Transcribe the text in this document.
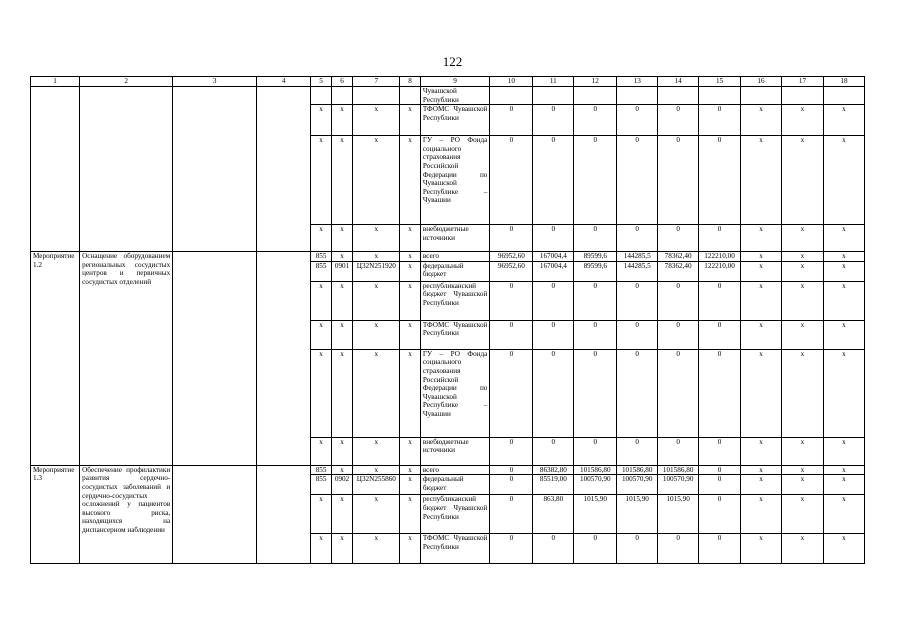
122
1	2	3	4	5	6	7	8	9	10	11	12	13	14	15	16	17	18
								Чувашской Республики									
				x	x	x	x	ТФОМС Чувашской Республики	0	0	0	0	0	0	x	x	x
				x	x	x	x	ГУ – РО Фонда социального страхования Российской Федерации по Чувашской Республике – Чувашии	0	0	0	0	0	0	x	x	x
				x	x	x	x	внебюджетные источники	0	0	0	0	0	0	x	x	x
Мероприятие 1.2	Оснащение оборудованием региональных сосудистых центров и первичных сосудистых отделений			855	x	x	x	всего	96952,60	167004,4	89599,6	144285,5	78362,40	122210,00	x	x	x
				855	0901	Ц32N251920	x	федеральный бюджет	96952,60	167004,4	89599,6	144285,5	78362,40	122210,00	x	x	x
				x	x	x	x	республиканский бюджет Чувашской Республики	0	0	0	0	0	0	x	x	x
				x	x	x	x	ТФОМС Чувашской Республики	0	0	0	0	0	0	x	x	x
				x	x	x	x	ГУ – РО Фонда социального страхования Российской Федерации по Чувашской Республике – Чувашии	0	0	0	0	0	0	x	x	x
				x	x	x	x	внебюджетные источники	0	0	0	0	0	0	x	x	x
Мероприятие 1.3	Обеспечение профилактики развития сердечно-сосудистых заболеваний и сердечно-сосудистых осложнений у пациентов высокого риска, находящихся на диспансерном наблюдении			855	x	x	x	всего	0	86382,80	101586,80	101586,80	101586,80	0	x	x	x
				855	0902	Ц32N255860	x	федеральный бюджет	0	85519,00	100570,90	100570,90	100570,90	0	x	x	x
				x	x	x	x	республиканский бюджет Чувашской Республики	0	863,80	1015,90	1015,90	1015,90	0	x	x	x
				x	x	x	x	ТФОМС Чувашской Республики	0	0	0	0	0	0	x	x	x
